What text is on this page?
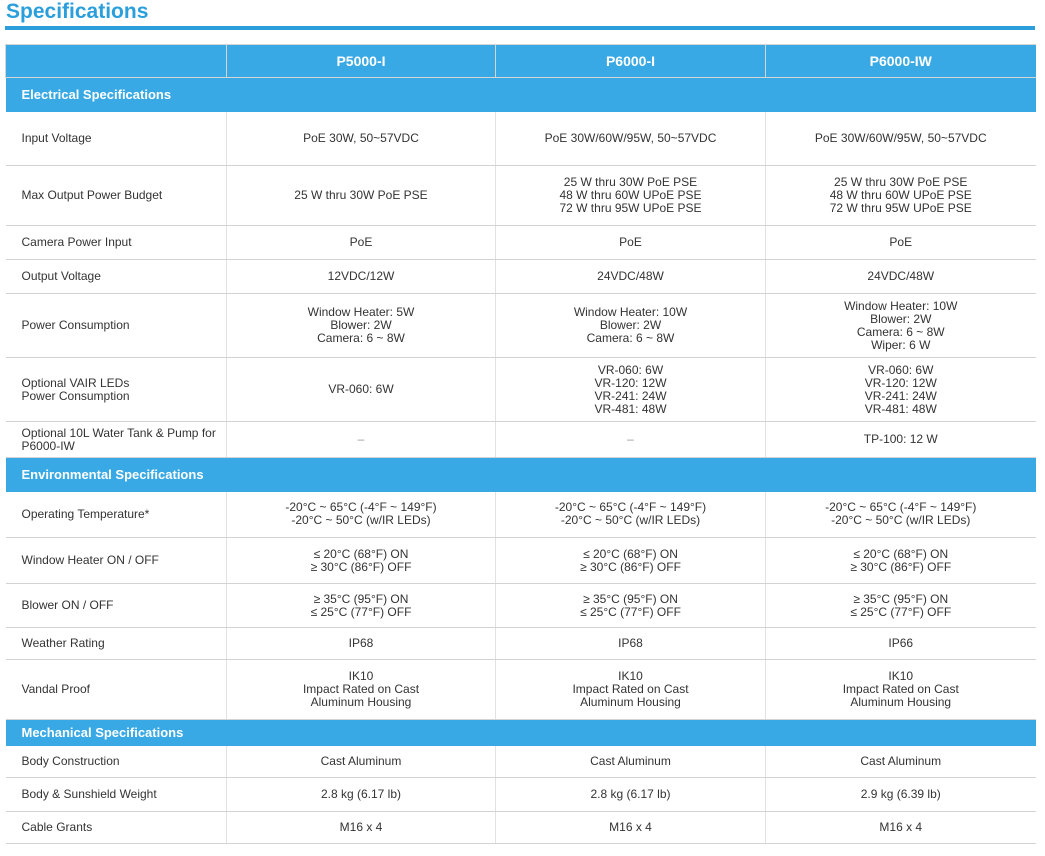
Specifications
	P5000-I	P6000-I	P6000-IW
Electrical Specifications			

Input Voltage	PoE 30W, 50~57VDC	PoE 30W/60W/95W, 50~57VDC	PoE 30W/60W/95W, 50~57VDC

Max Output Power Budget	25 W thru 30W PoE PSE	25 W thru 30W PoE PSE
48 W thru 60W UPoE PSE
72 W thru 95W UPoE PSE	25 W thru 30W PoE PSE
48 W thru 60W UPoE PSE
72 W thru 95W UPoE PSE

Camera Power Input	PoE	PoE	PoE

Output Voltage	12VDC/12W	24VDC/48W	24VDC/48W

Power Consumption	Window Heater: 5W
Blower: 2W
Camera: 6 ~ 8W	Window Heater: 10W
Blower: 2W
Camera: 6 ~ 8W	Window Heater: 10W
Blower: 2W
Camera: 6 ~ 8W
Wiper: 6 W

Optional VAIR LEDs
Power Consumption	VR-060: 6W	VR-060: 6W
VR-120: 12W
VR-241: 24W
VR-481: 48W	VR-060: 6W
VR-120: 12W
VR-241: 24W
VR-481: 48W

Optional 10L Water Tank & Pump for
P6000-IW	–	–	TP-100: 12 W

Environmental Specifications			

Operating Temperature*	-20°C ~ 65°C (-4°F ~ 149°F)
-20°C ~ 50°C (w/IR LEDs)	-20°C ~ 65°C (-4°F ~ 149°F)
-20°C ~ 50°C (w/IR LEDs)	-20°C ~ 65°C (-4°F ~ 149°F)
-20°C ~ 50°C (w/IR LEDs)

Window Heater ON / OFF	≤ 20°C (68°F) ON
≥ 30°C (86°F) OFF	≤ 20°C (68°F) ON
≥ 30°C (86°F) OFF	≤ 20°C (68°F) ON
≥ 30°C (86°F) OFF

Blower ON / OFF	≥ 35°C (95°F) ON
≤ 25°C (77°F) OFF	≥ 35°C (95°F) ON
≤ 25°C (77°F) OFF	≥ 35°C (95°F) ON
≤ 25°C (77°F) OFF

Weather Rating	IP68	IP68	IP66

Vandal Proof	IK10
Impact Rated on Cast
Aluminum Housing	IK10
Impact Rated on Cast
Aluminum Housing	IK10
Impact Rated on Cast
Aluminum Housing

Mechanical Specifications			

Body Construction	Cast Aluminum	Cast Aluminum	Cast Aluminum

Body & Sunshield Weight	2.8 kg (6.17 lb)	2.8 kg (6.17 lb)	2.9 kg (6.39 lb)

Cable Grants	M16 x 4	M16 x 4	M16 x 4
